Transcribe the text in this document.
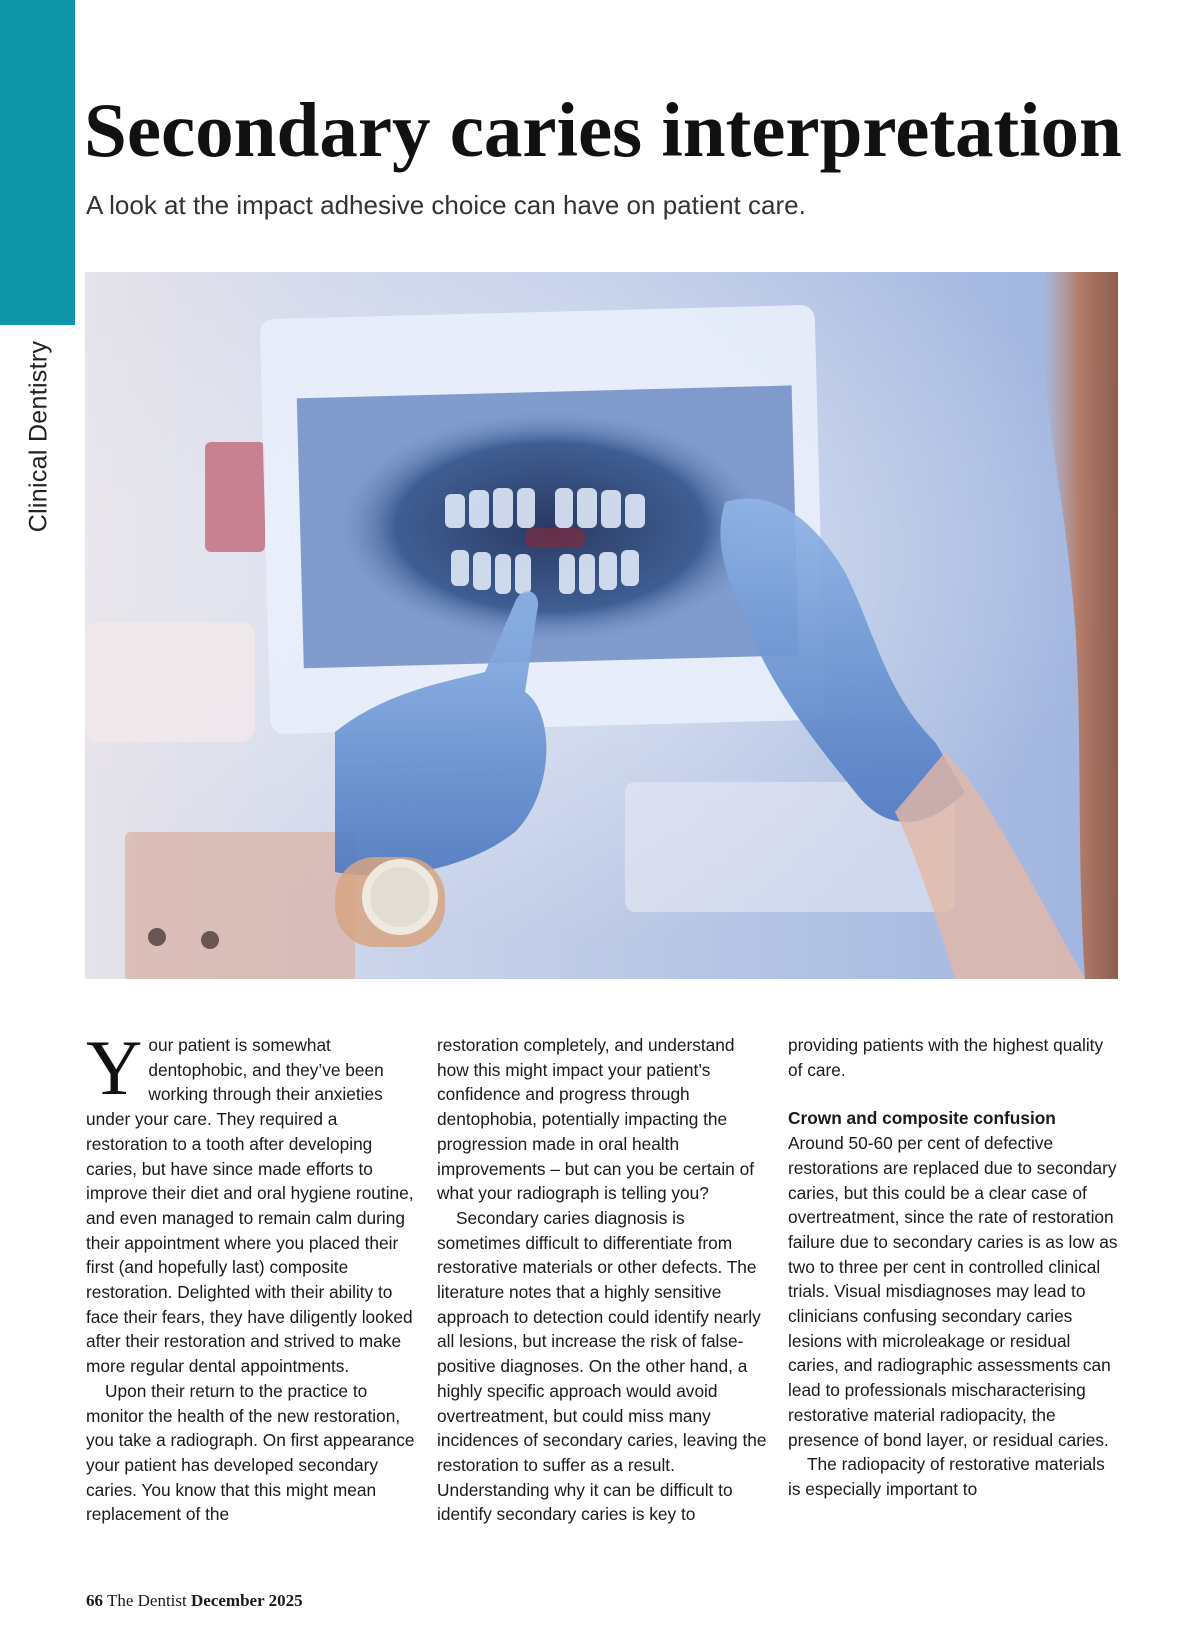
Clinical Dentistry
Secondary caries interpretation

A look at the impact adhesive choice can have on patient care.

Your patient is somewhat dentophobic, and they’ve been working through their anxieties under your care. They required a restoration to a tooth after developing caries, but have since made efforts to improve their diet and oral hygiene routine, and even managed to remain calm during their appointment where you placed their first (and hopefully last) composite restoration. Delighted with their ability to face their fears, they have diligently looked after their restoration and strived to make more regular dental appointments.

Upon their return to the practice to monitor the health of the new restoration, you take a radiograph. On first appearance your patient has developed secondary caries. You know that this might mean replacement of the

restoration completely, and understand how this might impact your patient’s confidence and progress through dentophobia, potentially impacting the progression made in oral health improvements – but can you be certain of what your radiograph is telling you?

Secondary caries diagnosis is sometimes difficult to differentiate from restorative materials or other defects. The literature notes that a highly sensitive approach to detection could identify nearly all lesions, but increase the risk of false-positive diagnoses. On the other hand, a highly specific approach would avoid overtreatment, but could miss many incidences of secondary caries, leaving the restoration to suffer as a result. Understanding why it can be difficult to identify secondary caries is key to

providing patients with the highest quality of care.

Crown and composite confusion

Around 50-60 per cent of defective restorations are replaced due to secondary caries, but this could be a clear case of overtreatment, since the rate of restoration failure due to secondary caries is as low as two to three per cent in controlled clinical trials. Visual misdiagnoses may lead to clinicians confusing secondary caries lesions with microleakage or residual caries, and radiographic assessments can lead to professionals mischaracterising restorative material radiopacity, the presence of bond layer, or residual caries.

The radiopacity of restorative materials is especially important to

66 The Dentist December 2025
